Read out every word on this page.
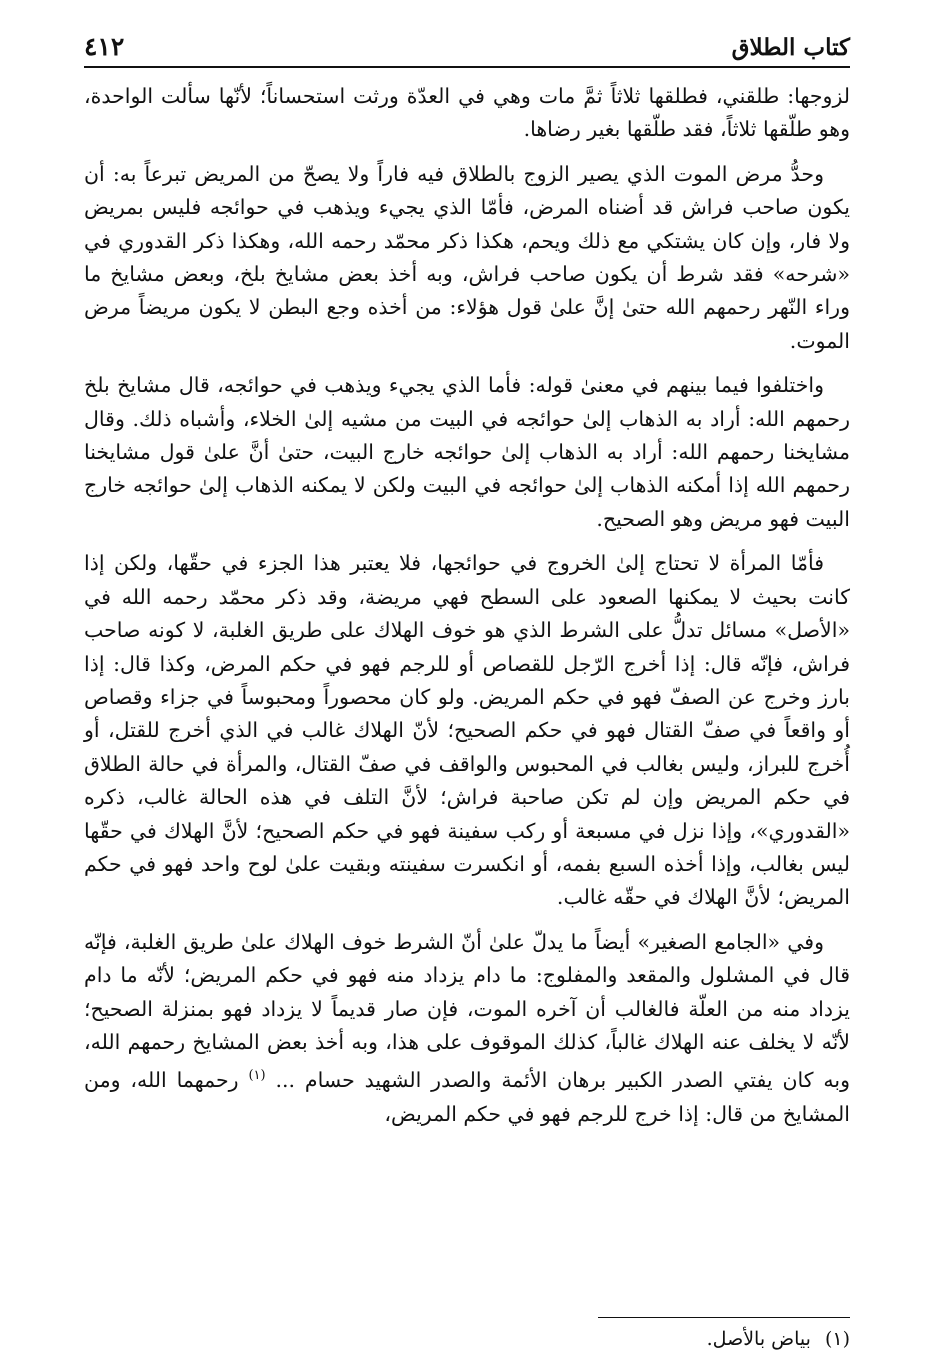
كتاب الطلاق
٤١٢

لزوجها: طلقني، فطلقها ثلاثاً ثمَّ مات وهي في العدّة ورثت استحساناً؛ لأنّها سألت الواحدة، وهو طلّقها ثلاثاً، فقد طلّقها بغير رضاها.

وحدُّ مرض الموت الذي يصير الزوج بالطلاق فيه فاراً ولا يصحّ من المريض تبرعاً به: أن يكون صاحب فراش قد أضناه المرض، فأمّا الذي يجيء ويذهب في حوائجه فليس بمريض ولا فار، وإن كان يشتكي مع ذلك ويحم، هكذا ذكر محمّد رحمه الله، وهكذا ذكر القدوري في «شرحه» فقد شرط أن يكون صاحب فراش، وبه أخذ بعض مشايخ بلخ، وبعض مشايخ ما وراء النّهر رحمهم الله حتىٰ إنَّ علىٰ قول هؤلاء: من أخذه وجع البطن لا يكون مريضاً مرض الموت.

واختلفوا فيما بينهم في معنىٰ قوله: فأما الذي يجيء ويذهب في حوائجه، قال مشايخ بلخ رحمهم الله: أراد به الذهاب إلىٰ حوائجه في البيت من مشيه إلىٰ الخلاء، وأشباه ذلك. وقال مشايخنا رحمهم الله: أراد به الذهاب إلىٰ حوائجه خارج البيت، حتىٰ أنَّ علىٰ قول مشايخنا رحمهم الله إذا أمكنه الذهاب إلىٰ حوائجه في البيت ولكن لا يمكنه الذهاب إلىٰ حوائجه خارج البيت فهو مريض وهو الصحيح.

فأمّا المرأة لا تحتاج إلىٰ الخروج في حوائجها، فلا يعتبر هذا الجزء في حقّها، ولكن إذا كانت بحيث لا يمكنها الصعود على السطح فهي مريضة، وقد ذكر محمّد رحمه الله في «الأصل» مسائل تدلُّ على الشرط الذي هو خوف الهلاك على طريق الغلبة، لا كونه صاحب فراش، فإنّه قال: إذا أخرج الرّجل للقصاص أو للرجم فهو في حكم المرض، وكذا قال: إذا بارز وخرج عن الصفّ فهو في حكم المريض. ولو كان محصوراً ومحبوساً في جزاء وقصاص أو واقعاً في صفّ القتال فهو في حكم الصحيح؛ لأنّ الهلاك غالب في الذي أخرج للقتل، أو أُخرج للبراز، وليس بغالب في المحبوس والواقف في صفّ القتال، والمرأة في حالة الطلاق في حكم المريض وإن لم تكن صاحبة فراش؛ لأنَّ التلف في هذه الحالة غالب، ذكره «القدوري»، وإذا نزل في مسبعة أو ركب سفينة فهو في حكم الصحيح؛ لأنَّ الهلاك في حقّها ليس بغالب، وإذا أخذه السبع بفمه، أو انكسرت سفينته وبقيت علىٰ لوح واحد فهو في حكم المريض؛ لأنَّ الهلاك في حقّه غالب.

وفي «الجامع الصغير» أيضاً ما يدلّ علىٰ أنّ الشرط خوف الهلاك علىٰ طريق الغلبة، فإنّه قال في المشلول والمقعد والمفلوج: ما دام يزداد منه فهو في حكم المريض؛ لأنّه ما دام يزداد منه من العلّة فالغالب أن آخره الموت، فإن صار قديماً لا يزداد فهو بمنزلة الصحيح؛ لأنّه لا يخلف عنه الهلاك غالباً، كذلك الموقوف على هذا، وبه أخذ بعض المشايخ رحمهم الله، وبه كان يفتي الصدر الكبير برهان الأئمة والصدر الشهيد حسام ... $^{(١)}$ رحمهما الله، ومن المشايخ من قال: إذا خرج للرجم فهو في حكم المريض،

(١)بياض بالأصل.
